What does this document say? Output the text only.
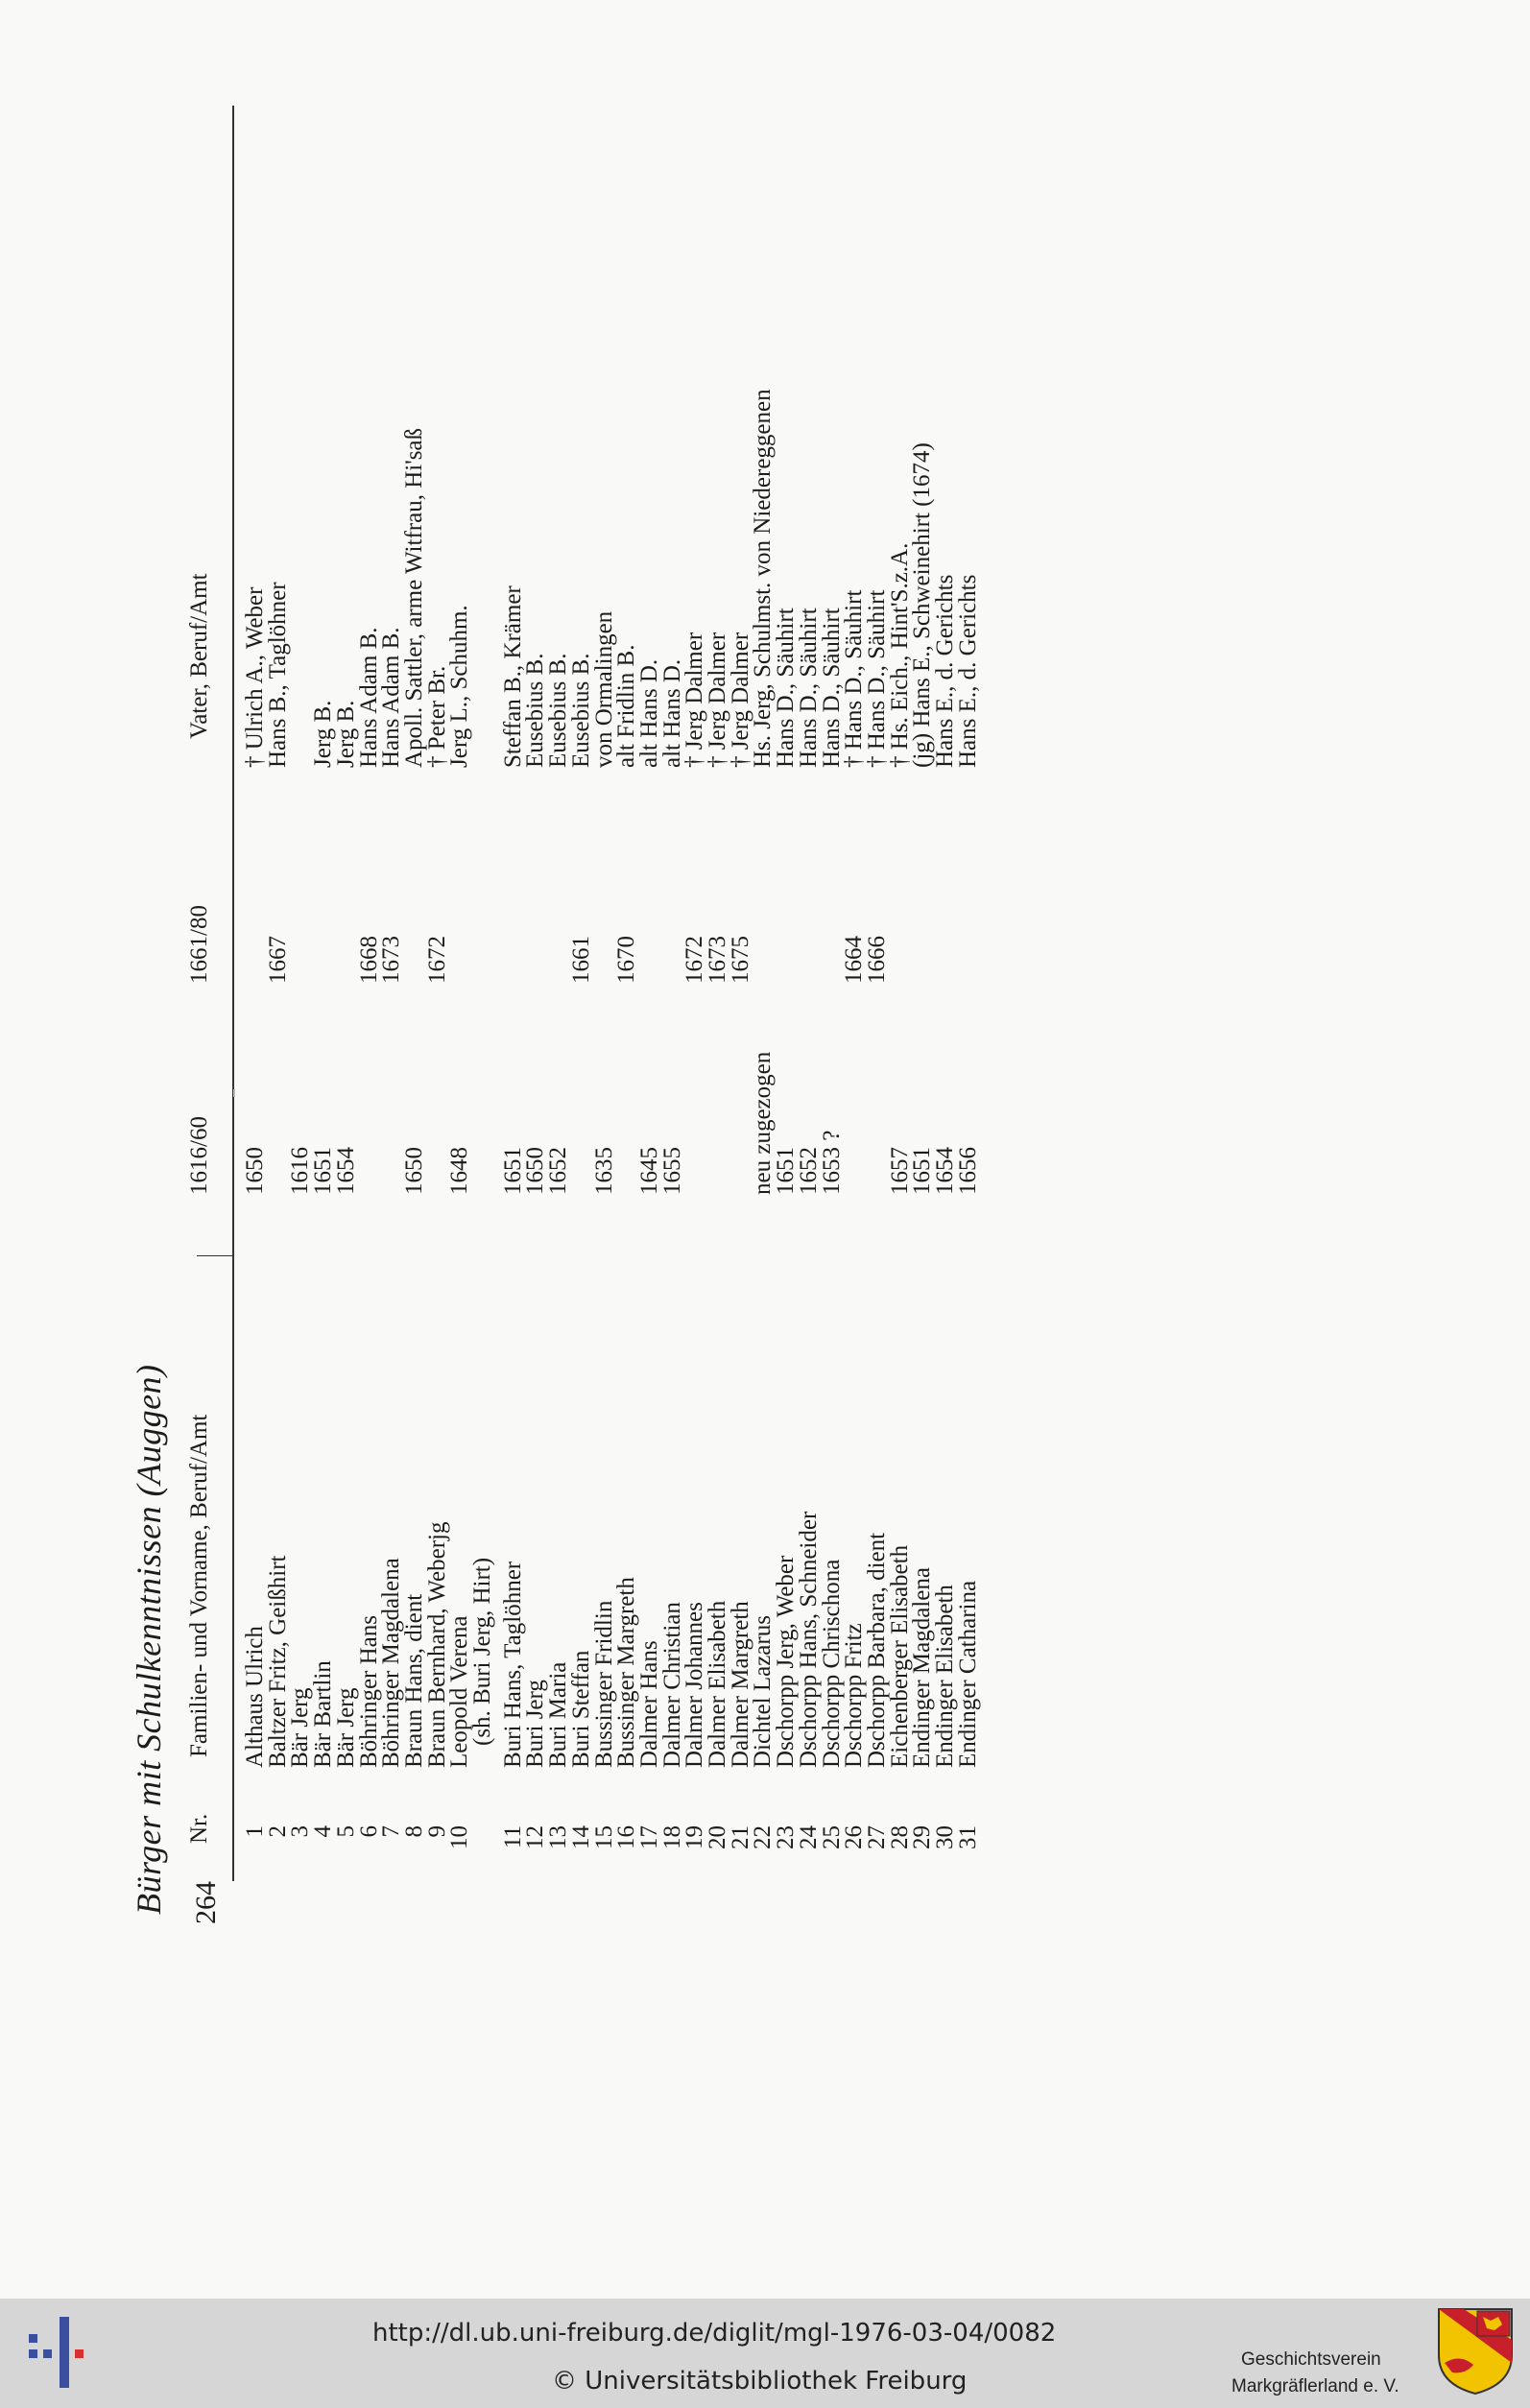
264
Bürger mit Schulkenntnissen (Auggen) Nr.
Familien- und Vorname, Beruf/Amt
1616/60
1661/80
Vater, Beruf/Amt
1
Althaus Ulrich
1650
† Ulrich A., Weber
2
Baltzer Fritz, Geißhirt
1667
Hans B., Taglöhner
3
Bär Jerg
1616
4
Bär Bartlin
1651
Jerg B.
5
Bär Jerg
1654
Jerg B.
6
Böhringer Hans
1668
Hans Adam B.
7
Böhringer Magdalena
1673
Hans Adam B.
8
Braun Hans, dient
1650
Apoll. Sattler, arme Witfrau, Hi'saß
9
Braun Bernhard, Weberjg
1672
† Peter Br.
10
Leopold Verena
1648
Jerg L., Schuhm.
(sh. Buri Jerg, Hirt)
11
Buri Hans, Taglöhner
1651
Steffan B., Krämer
12
Buri Jerg
1650
Eusebius B.
13
Buri Maria
1652
Eusebius B.
14
Buri Steffan
1661
Eusebius B.
15
Bussinger Fridlin
1635
von Ormalingen
16
Bussinger Margreth
1670
alt Fridlin B.
17
Dalmer Hans
1645
alt Hans D.
18
Dalmer Christian
1655
alt Hans D.
19
Dalmer Johannes
1672
† Jerg Dalmer
20
Dalmer Elisabeth
1673
† Jerg Dalmer
21
Dalmer Margreth
1675
† Jerg Dalmer
22
Dichtel Lazarus
neu zugezogen
Hs. Jerg, Schulmst. von Niedereggenen
23
Dschorpp Jerg, Weber
1651
Hans D., Säuhirt
24
Dschorpp Hans, Schneider
1652
Hans D., Säuhirt
25
Dschorpp Chrischona
1653 ?
Hans D., Säuhirt
26
Dschorpp Fritz
1664
† Hans D., Säuhirt
27
Dschorpp Barbara, dient
1666
† Hans D., Säuhirt
28
Eichenberger Elisabeth
1657
† Hs. Eich., Hint'S.z.A.
29
Endinger Magdalena
1651
(jg) Hans E., Schweinehirt (1674)
30
Endinger Elisabeth
1654
Hans E., d. Gerichts
31
Endinger Catharina
1656
Hans E., d. Gerichts
http://dl.ub.uni-freiburg.de/diglit/mgl-1976-03-04/0082
© Universitätsbibliothek Freiburg
Geschichtsverein
Markgräflerland e. V.
